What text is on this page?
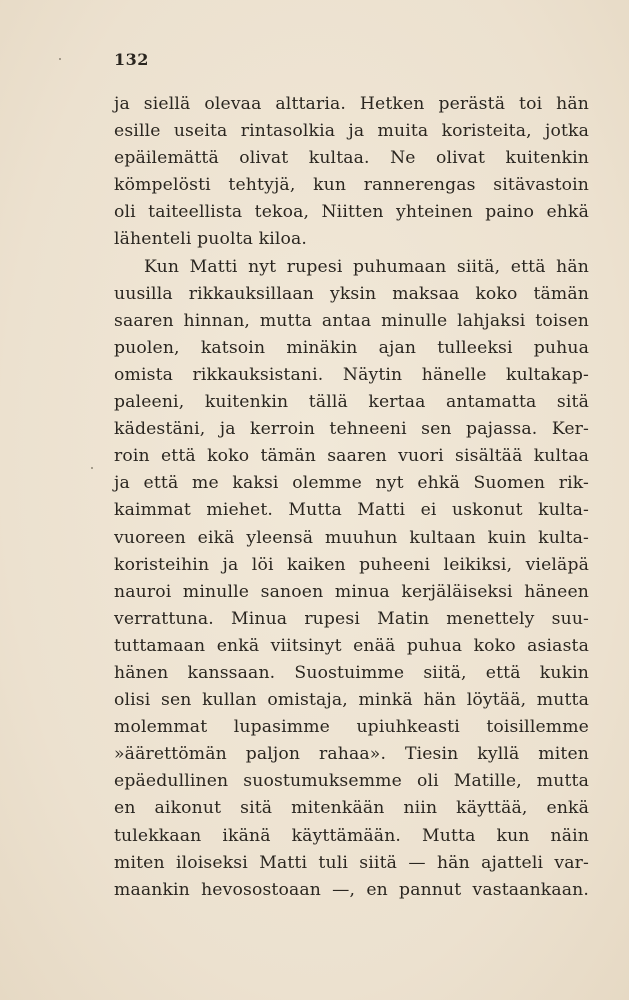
132
ja siellä olevaa alttaria. Hetken perästä toi hän
esille useita rintasolkia ja muita koristeita, jotka
epäilemättä olivat kultaa. Ne olivat kuitenkin
kömpelösti tehtyjä, kun rannerengas sitävastoin
oli taiteellista tekoa, Niitten yhteinen paino ehkä
lähenteli puolta kiloa.
Kun Matti nyt rupesi puhumaan siitä, että hän
uusilla rikkauksillaan yksin maksaa koko tämän
saaren hinnan, mutta antaa minulle lahjaksi toisen
puolen, katsoin minäkin ajan tulleeksi puhua
omista rikkauksistani. Näytin hänelle kultakap-
paleeni, kuitenkin tällä kertaa antamatta sitä
kädestäni, ja kerroin tehneeni sen pajassa. Ker-
roin että koko tämän saaren vuori sisältää kultaa
ja että me kaksi olemme nyt ehkä Suomen rik-
kaimmat miehet. Mutta Matti ei uskonut kulta-
vuoreen eikä yleensä muuhun kultaan kuin kulta-
koristeihin ja löi kaiken puheeni leikiksi, vieläpä
nauroi minulle sanoen minua kerjäläiseksi häneen
verrattuna. Minua rupesi Matin menettely suu-
tuttamaan enkä viitsinyt enää puhua koko asiasta
hänen kanssaan. Suostuimme siitä, että kukin
olisi sen kullan omistaja, minkä hän löytää, mutta
molemmat lupasimme upiuhkeasti toisillemme
»äärettömän paljon rahaa». Tiesin kyllä miten
epäedullinen suostumuksemme oli Matille, mutta
en aikonut sitä mitenkään niin käyttää, enkä
tulekkaan ikänä käyttämään. Mutta kun näin
miten iloiseksi Matti tuli siitä — hän ajatteli var-
maankin hevosostoaan —, en pannut vastaankaan.
